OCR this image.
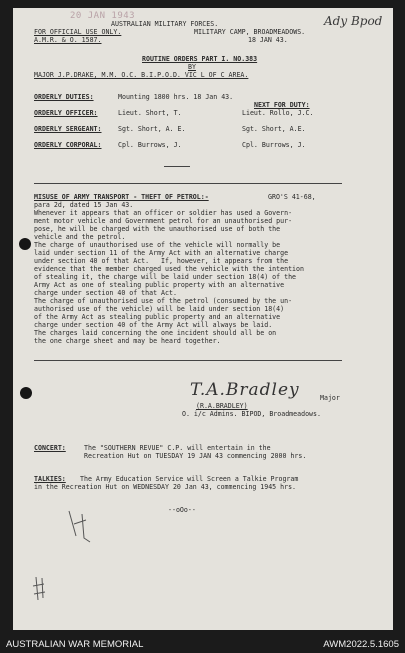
20 JAN 1943	Ady Bpod
AUSTRALIAN MILITARY FORCES.
FOR OFFICIAL USE ONLY.	MILITARY CAMP, BROADMEADOWS.
A.M.R. & O. 1587.	18 JAN 43.
ROUTINE ORDERS PART I. NO.383
BY
MAJOR J.P.DRAKE, M.M. O.C. B.I.P.O.D. VIC L OF C AREA.
ORDERLY DUTIES:	Mounting 1800 hrs. 18 Jan 43.
NEXT FOR DUTY:
ORDERLY OFFICER:	Lieut. Short, T.	Lieut. Rollo, J.C.
ORDERLY SERGEANT:	Sgt. Short, A. E.	Sgt. Short, A.E.
ORDERLY CORPORAL:	Cpl. Burrows, J.	Cpl. Burrows, J.
MISUSE OF ARMY TRANSPORT - THEFT OF PETROL:-	GRO'S 41-68,
para 2d, dated 15 Jan 43.
Whenever it appears that an officer or soldier has used a Govern-
ment motor vehicle and Government petrol for an unauthorised pur-
pose, he will be charged with the unauthorised use of both the
vehicle and the petrol.
The charge of unauthorised use of the vehicle will normally be
laid under section 11 of the Army Act with an alternative charge
under section 40 of that Act.   If, however, it appears from the
evidence that the member charged used the vehicle with the intention
of stealing it, the charge will be laid under section 18(4) of the
Army Act as one of stealing public property with an alternative
charge under section 40 of that Act.
The charge of unauthorised use of the petrol (consumed by the un-
authorised use of the vehicle) will be laid under section 18(4)
of the Army Act as stealing public property and an alternative
charge under section 40 of the Army Act will always be laid.
The charges laid concerning the one incident should all be on
the one charge sheet and may be heard together.
T.A.Bradley	Major
(R.A.BRADLEY)
O. i/c Admins. BIPOD, Broadmeadows.
CONCERT:	The "SOUTHERN REVUE" C.P. will entertain in the
Recreation Hut on TUESDAY 19 JAN 43 commencing 2000 hrs.
TALKIES: The Army Education Service will Screen a Talkie Program
in the Recreation Hut on WEDNESDAY 20 Jan 43, commencing 1945 hrs.
--oOo--
AUSTRALIAN WAR MEMORIAL	AWM2022.5.1605
